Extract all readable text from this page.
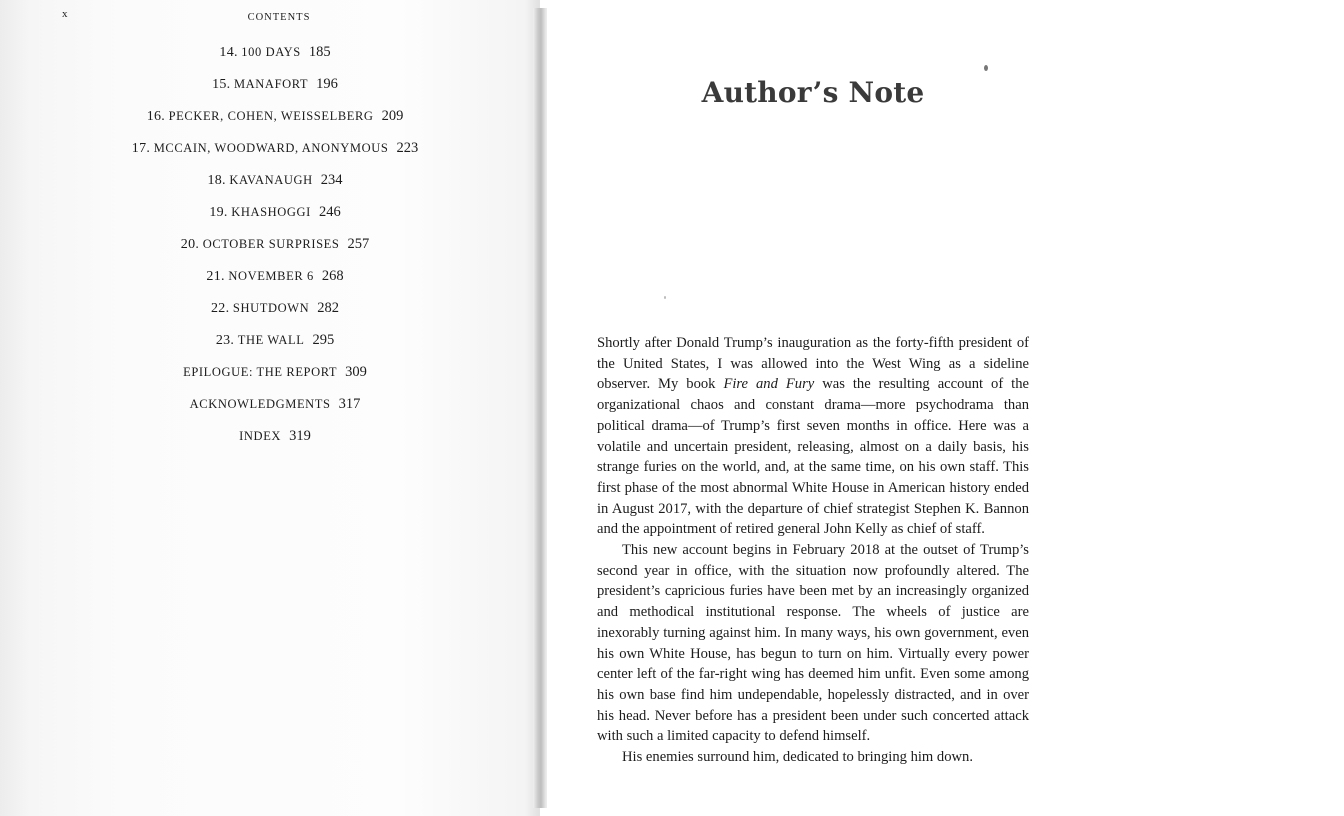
x	CONTENTS
14. 100 DAYS 185
15. MANAFORT 196
16. PECKER, COHEN, WEISSELBERG 209
17. MCCAIN, WOODWARD, ANONYMOUS 223
18. KAVANAUGH 234
19. KHASHOGGI 246
20. OCTOBER SURPRISES 257
21. NOVEMBER 6 268
22. SHUTDOWN 282
23. THE WALL 295
EPILOGUE: THE REPORT 309
ACKNOWLEDGMENTS 317
INDEX 319
Author’s Note

Shortly after Donald Trump’s inauguration as the forty-fifth president of the United States, I was allowed into the West Wing as a sideline observer. My book Fire and Fury was the resulting account of the organizational chaos and constant drama—more psychodrama than political drama—of Trump’s first seven months in office. Here was a volatile and uncertain president, releasing, almost on a daily basis, his strange furies on the world, and, at the same time, on his own staff. This first phase of the most abnormal White House in American history ended in August 2017, with the departure of chief strategist Stephen K. Bannon and the appointment of retired general John Kelly as chief of staff.

This new account begins in February 2018 at the outset of Trump’s second year in office, with the situation now profoundly altered. The president’s capricious furies have been met by an increasingly organized and methodical institutional response. The wheels of justice are inexorably turning against him. In many ways, his own government, even his own White House, has begun to turn on him. Virtually every power center left of the far-right wing has deemed him unfit. Even some among his own base find him undependable, hopelessly distracted, and in over his head. Never before has a president been under such concerted attack with such a limited capacity to defend himself.

His enemies surround him, dedicated to bringing him down.
